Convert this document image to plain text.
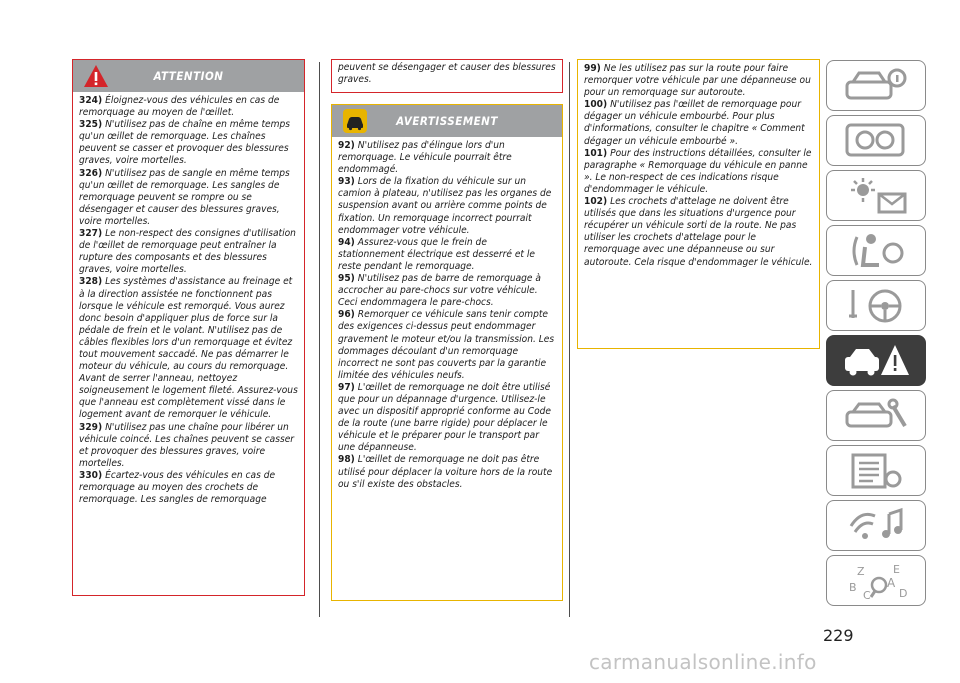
ATTENTION

324) Éloignez-vous des véhicules en cas de remorquage au moyen de l'œillet.

325) N'utilisez pas de chaîne en même temps qu'un œillet de remorquage. Les chaînes peuvent se casser et provoquer des blessures graves, voire mortelles.

326) N'utilisez pas de sangle en même temps qu'un œillet de remorquage. Les sangles de remorquage peuvent se rompre ou se désengager et causer des blessures graves, voire mortelles.

327) Le non-respect des consignes d'utilisation de l'œillet de remorquage peut entraîner la rupture des composants et des blessures graves, voire mortelles.

328) Les systèmes d'assistance au freinage et à la direction assistée ne fonctionnent pas lorsque le véhicule est remorqué. Vous aurez donc besoin d'appliquer plus de force sur la pédale de frein et le volant. N'utilisez pas de câbles flexibles lors d'un remorquage et évitez tout mouvement saccadé. Ne pas démarrer le moteur du véhicule, au cours du remorquage. Avant de serrer l'anneau, nettoyez soigneusement le logement fileté. Assurez-vous que l'anneau est complètement vissé dans le logement avant de remorquer le véhicule.

329) N'utilisez pas une chaîne pour libérer un véhicule coincé. Les chaînes peuvent se casser et provoquer des blessures graves, voire mortelles.

330) Écartez-vous des véhicules en cas de remorquage au moyen des crochets de remorquage. Les sangles de remorquage

peuvent se désengager et causer des blessures graves.

AVERTISSEMENT

92) N'utilisez pas d'élingue lors d'un remorquage. Le véhicule pourrait être endommagé.

93) Lors de la fixation du véhicule sur un camion à plateau, n'utilisez pas les organes de suspension avant ou arrière comme points de fixation. Un remorquage incorrect pourrait endommager votre véhicule.

94) Assurez-vous que le frein de stationnement électrique est desserré et le reste pendant le remorquage.

95) N'utilisez pas de barre de remorquage à accrocher au pare-chocs sur votre véhicule. Ceci endommagera le pare-chocs.

96) Remorquer ce véhicule sans tenir compte des exigences ci-dessus peut endommager gravement le moteur et/ou la transmission. Les dommages découlant d'un remorquage incorrect ne sont pas couverts par la garantie limitée des véhicules neufs.

97) L'œillet de remorquage ne doit être utilisé que pour un dépannage d'urgence. Utilisez-le avec un dispositif approprié conforme au Code de la route (une barre rigide) pour déplacer le véhicule et le préparer pour le transport par une dépanneuse.

98) L'œillet de remorquage ne doit pas être utilisé pour déplacer la voiture hors de la route ou s'il existe des obstacles.

99) Ne les utilisez pas sur la route pour faire remorquer votre véhicule par une dépanneuse ou pour un remorquage sur autoroute.

100) N'utilisez pas l'œillet de remorquage pour dégager un véhicule embourbé. Pour plus d'informations, consulter le chapitre « Comment dégager un véhicule embourbé ».

101) Pour des instructions détaillées, consulter le paragraphe « Remorquage du véhicule en panne ». Le non-respect de ces indications risque d'endommager le véhicule.

102) Les crochets d'attelage ne doivent être utilisés que dans les situations d'urgence pour récupérer un véhicule sorti de la route. Ne pas utiliser les crochets d'attelage pour le remorquage avec une dépanneuse ou sur autoroute. Cela risque d'endommager le véhicule.

Z	E
B
C	D
A
229
carmanualsonline.info
